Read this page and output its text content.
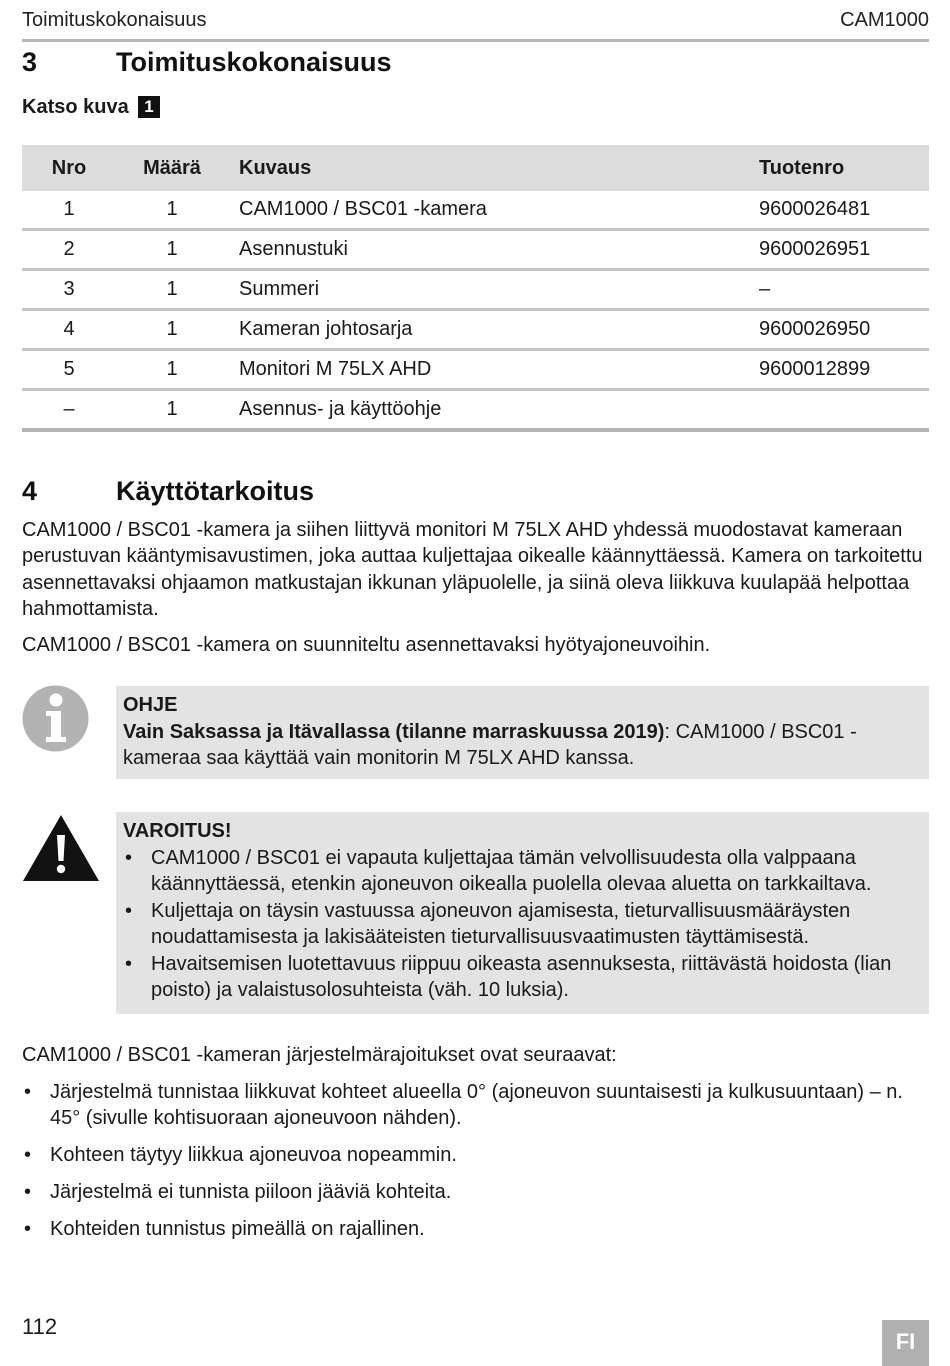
Toimituskokonaisuus	CAM1000
3	Toimituskokonaisuus
Katso kuva 1
Nro	Määrä	Kuvaus	Tuotenro
1	1	CAM1000 / BSC01 -kamera	9600026481
2	1	Asennustuki	9600026951
3	1	Summeri	–
4	1	Kameran johtosarja	9600026950
5	1	Monitori M 75LX AHD	9600012899
–	1	Asennus- ja käyttöohje	
4	Käyttötarkoitus

CAM1000 / BSC01 -kamera ja siihen liittyvä monitori M 75LX AHD yhdessä muodostavat kameraan perustuvan kääntymisavustimen, joka auttaa kuljettajaa oikealle käännyttäessä. Kamera on tarkoitettu asennettavaksi ohjaamon matkustajan ikkunan yläpuolelle, ja siinä oleva liikkuva kuulapää helpottaa hahmottamista.

CAM1000 / BSC01 -kamera on suunniteltu asennettavaksi hyötyajoneuvoihin.

OHJE
Vain Saksassa ja Itävallassa (tilanne marraskuussa 2019): CAM1000 / BSC01 -kameraa saa käyttää vain monitorin M 75LX AHD kanssa.
VAROITUS!
• CAM1000 / BSC01 ei vapauta kuljettajaa tämän velvollisuudesta olla valppaana käännyttäessä, etenkin ajoneuvon oikealla puolella olevaa aluetta on tarkkailtava.
• Kuljettaja on täysin vastuussa ajoneuvon ajamisesta, tieturvallisuusmääräysten noudattamisesta ja lakisääteisten tieturvallisuusvaatimusten täyttämisestä.
• Havaitsemisen luotettavuus riippuu oikeasta asennuksesta, riittävästä hoidosta (lian poisto) ja valaistusolosuhteista (väh. 10 luksia).

CAM1000 / BSC01 -kameran järjestelmärajoitukset ovat seuraavat:

• Järjestelmä tunnistaa liikkuvat kohteet alueella 0° (ajoneuvon suuntaisesti ja kulkusuuntaan) – n. 45° (sivulle kohtisuoraan ajoneuvoon nähden).
• Kohteen täytyy liikkua ajoneuvoa nopeammin.
• Järjestelmä ei tunnista piiloon jääviä kohteita.
• Kohteiden tunnistus pimeällä on rajallinen.
112
FI
